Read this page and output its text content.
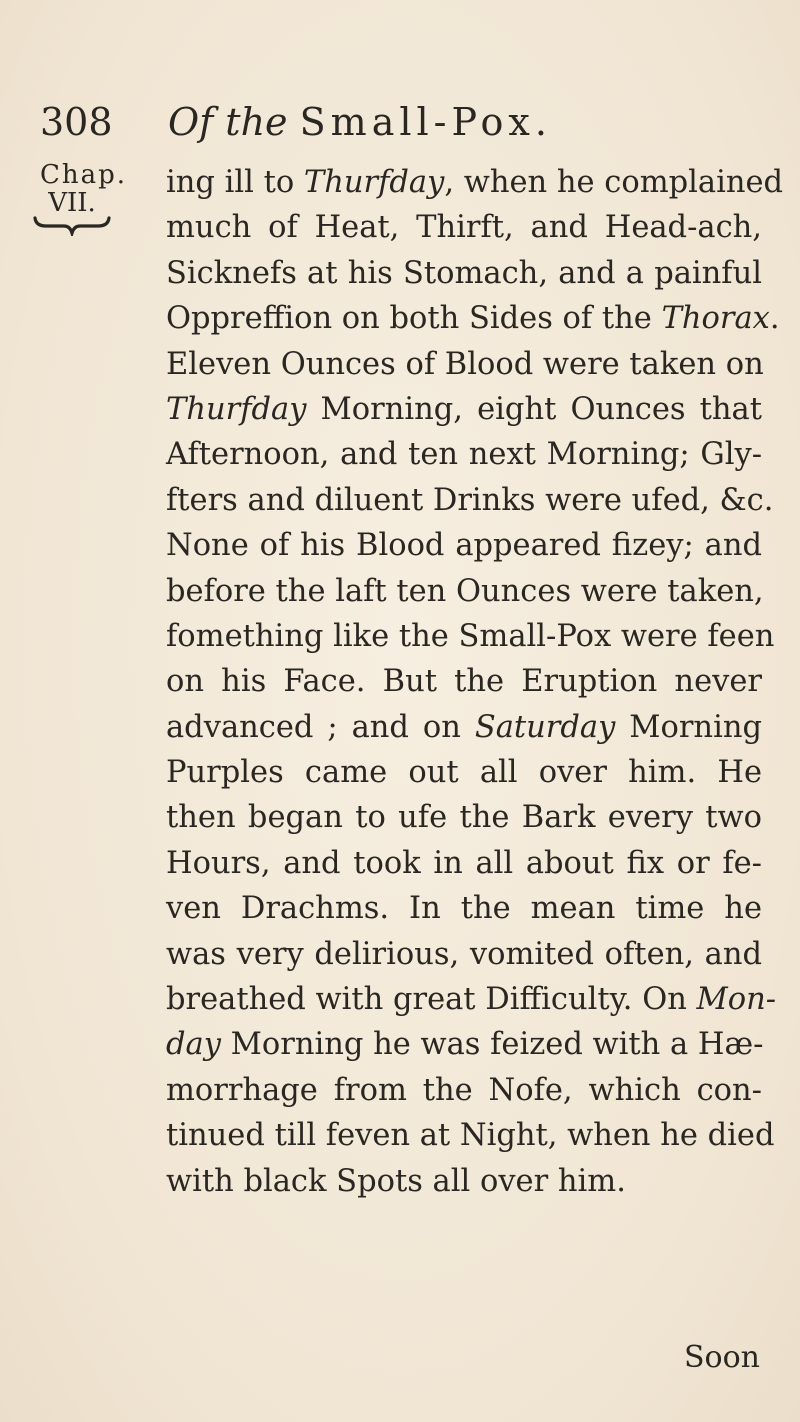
308 Of the Small-Pox.
Chap.
VII.
ing ill to Thurfday, when he complained
much of Heat, Thirft, and Head-ach,
Sicknefs at his Stomach, and a painful
Oppreffion on both Sides of the Thorax.
Eleven Ounces of Blood were taken on
Thurfday Morning, eight Ounces that
Afternoon, and ten next Morning; Gly-
fters and diluent Drinks were ufed, &c.
None of his Blood appeared fizey; and
before the laft ten Ounces were taken,
fomething like the Small-Pox were feen
on his Face. But the Eruption never
advanced ; and on Saturday Morning
Purples came out all over him. He
then began to ufe the Bark every two
Hours, and took in all about fix or fe-
ven Drachms. In the mean time he
was very delirious, vomited often, and
breathed with great Difficulty. On Mon-
day Morning he was feized with a Hæ-
morrhage from the Nofe, which con-
tinued till feven at Night, when he died
with black Spots all over him.
Soon
